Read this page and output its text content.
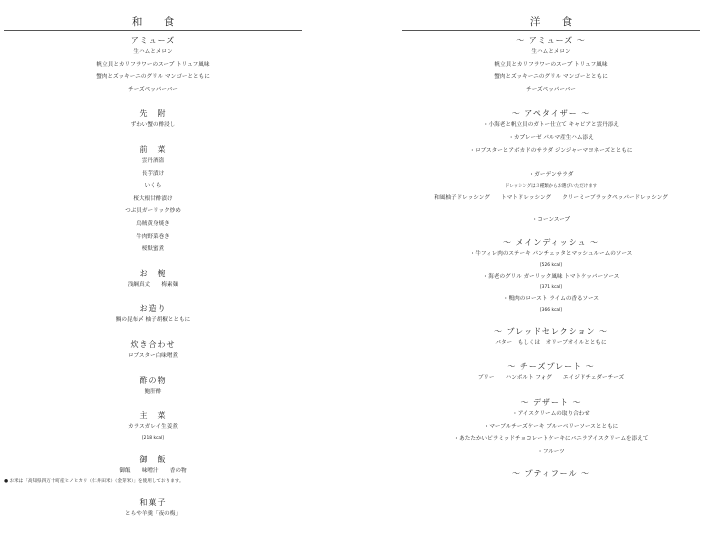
和 食
アミューズ
生ハムとメロン
帆立貝とカリフラワーのスープ トリュフ風味
蟹肉とズッキーニのグリル マンゴーとともに
チーズペッパーバー
先　附
ずわい蟹の酢浸し
前　菜
雲丹酒盗
長芋漬け
いくら
桜大根甘酢漬け
つぶ貝ガーリック炒め
烏賊黄身焼き
牛肉野菜巻き
桜麩蜜煮
お　椀
浅綱真丈　　梅素麺
お造り
鯛の昆布〆 柚子胡椒とともに
炊き合わせ
ロブスター白味噌煮
酢の物
鮑肝酢
主　菜
カラスガレイ生姜煮
[218 kcal]
御　飯
御飯　　味噌汁　　香の物
● お米は「高知県四万十町産ヒノヒカリ（仁井田米）（金芽米）」を使用しております。
和菓子
とらや羊羹「夜の梅」
洋 食
～ アミューズ ～
生ハムとメロン
帆立貝とカリフラワーのスープ トリュフ風味
蟹肉とズッキーニのグリル マンゴーとともに
チーズペッパーバー
～ アペタイザー ～
・小海老と帆立貝のガトー仕立て キャビアと雲丹添え
・カプレーゼ パルマ産生ハム添え
・ロブスターとアボカドのサラダ ジンジャーマヨネーズとともに
・ガーデンサラダ
ドレッシングは３種類からお選びいただけます
和風柚子ドレッシング　　トマトドレッシング　　クリーミーブラックペッパードレッシング
・コーンスープ
～ メインディッシュ ～
・牛フィレ肉のステーキ パンチェッタとマッシュルームのソース
[526 kcal]
・海老のグリル ガーリック風味 トマトケッパーソース
[371 kcal]
・鴨肉のロースト ライムの香るソース
[366 kcal]
～ ブレッドセレクション ～
バター　もしくは　オリーブオイルとともに
～ チーズプレート ～
ブリー　　ハンボルト フォグ　　エイジドチェダーチーズ
～ デザート ～
・アイスクリームの取り合わせ
・マーブルチーズケーキ ブルーベリーソースとともに
・あたたかいピラミッドチョコレートケーキにバニラアイスクリームを添えて
・フルーツ
～ プティフール ～
